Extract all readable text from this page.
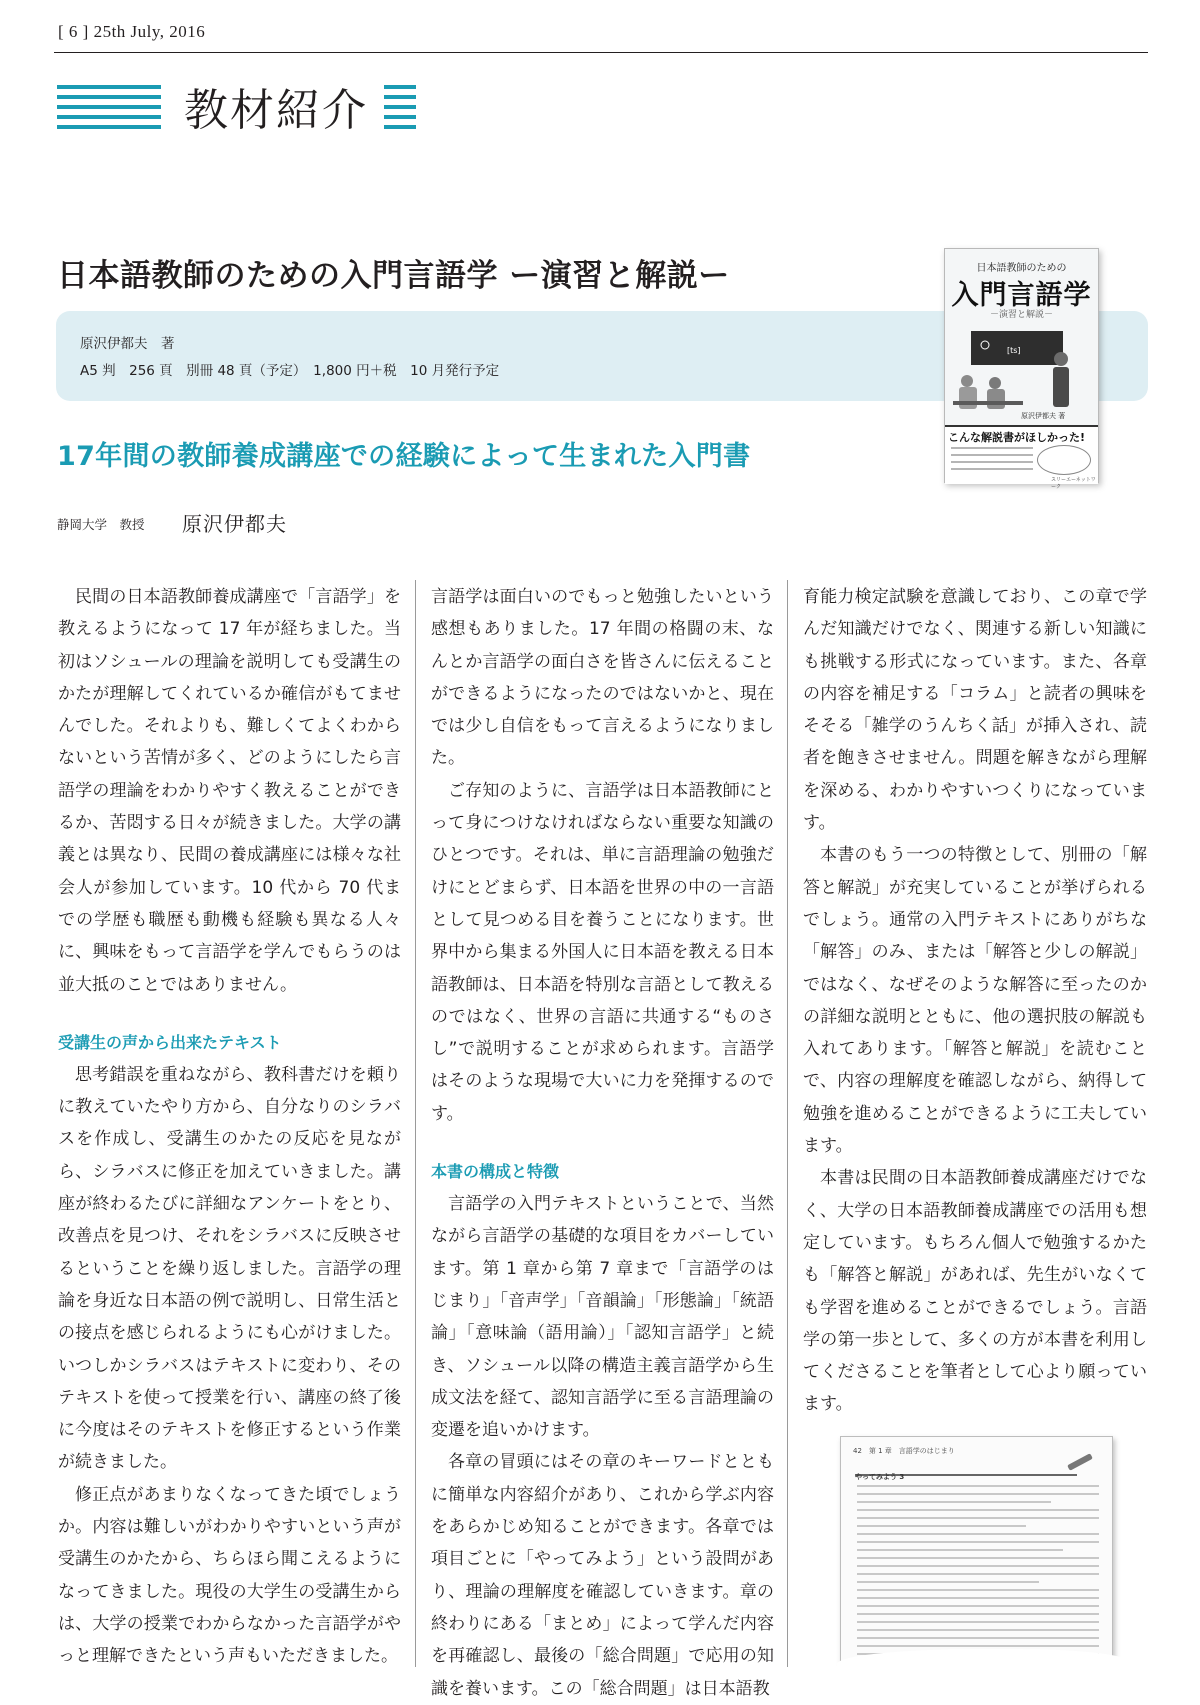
[ 6 ] 25th July, 2016
教材紹介
日本語教師のための入門言語学 ー演習と解説ー
原沢伊都夫　著
A5 判　256 頁　別冊 48 頁（予定）　1,800 円＋税　10 月発行予定
日本語教師のための
入門言語学
－演習と解説－
[ts]
原沢伊都夫 著
こんな解説書がほしかった!
スリーエーネットワーク
17年間の教師養成講座での経験によって生まれた入門書
静岡大学　教授 原沢伊都夫

民間の日本語教師養成講座で「言語学」を教えるようになって 17 年が経ちました。当初はソシュールの理論を説明しても受講生のかたが理解してくれているか確信がもてませんでした。それよりも、難しくてよくわからないという苦情が多く、どのようにしたら言語学の理論をわかりやすく教えることができるか、苦悶する日々が続きました。大学の講義とは異なり、民間の養成講座には様々な社会人が参加しています。10 代から 70 代までの学歴も職歴も動機も経験も異なる人々に、興味をもって言語学を学んでもらうのは並大抵のことではありません。

受講生の声から出来たテキスト

思考錯誤を重ねながら、教科書だけを頼りに教えていたやり方から、自分なりのシラバスを作成し、受講生のかたの反応を見ながら、シラバスに修正を加えていきました。講座が終わるたびに詳細なアンケートをとり、改善点を見つけ、それをシラバスに反映させるということを繰り返しました。言語学の理論を身近な日本語の例で説明し、日常生活との接点を感じられるようにも心がけました。いつしかシラバスはテキストに変わり、そのテキストを使って授業を行い、講座の終了後に今度はそのテキストを修正するという作業が続きました。

修正点があまりなくなってきた頃でしょうか。内容は難しいがわかりやすいという声が受講生のかたから、ちらほら聞こえるようになってきました。現役の大学生の受講生からは、大学の授業でわからなかった言語学がやっと理解できたという声もいただきました。

言語学は面白いのでもっと勉強したいという感想もありました。17 年間の格闘の末、なんとか言語学の面白さを皆さんに伝えることができるようになったのではないかと、現在では少し自信をもって言えるようになりました。

ご存知のように、言語学は日本語教師にとって身につけなければならない重要な知識のひとつです。それは、単に言語理論の勉強だけにとどまらず、日本語を世界の中の一言語として見つめる目を養うことになります。世界中から集まる外国人に日本語を教える日本語教師は、日本語を特別な言語として教えるのではなく、世界の言語に共通する“ものさし”で説明することが求められます。言語学はそのような現場で大いに力を発揮するのです。

本書の構成と特徴

言語学の入門テキストということで、当然ながら言語学の基礎的な項目をカバーしています。第 1 章から第 7 章まで「言語学のはじまり」「音声学」「音韻論」「形態論」「統語論」「意味論（語用論）」「認知言語学」と続き、ソシュール以降の構造主義言語学から生成文法を経て、認知言語学に至る言語理論の変遷を追いかけます。

各章の冒頭にはその章のキーワードとともに簡単な内容紹介があり、これから学ぶ内容をあらかじめ知ることができます。各章では項目ごとに「やってみよう」という設問があり、理論の理解度を確認していきます。章の終わりにある「まとめ」によって学んだ内容を再確認し、最後の「総合問題」で応用の知識を養います。この「総合問題」は日本語教

育能力検定試験を意識しており、この章で学んだ知識だけでなく、関連する新しい知識にも挑戦する形式になっています。また、各章の内容を補足する「コラム」と読者の興味をそそる「雑学のうんちく話」が挿入され、読者を飽きさせません。問題を解きながら理解を深める、わかりやすいつくりになっています。

本書のもう一つの特徴として、別冊の「解答と解説」が充実していることが挙げられるでしょう。通常の入門テキストにありがちな「解答」のみ、または「解答と少しの解説」ではなく、なぜそのような解答に至ったのかの詳細な説明とともに、他の選択肢の解説も入れてあります。「解答と解説」を読むことで、内容の理解度を確認しながら、納得して勉強を進めることができるように工夫しています。

本書は民間の日本語教師養成講座だけでなく、大学の日本語教師養成講座での活用も想定しています。もちろん個人で勉強するかたも「解答と解説」があれば、先生がいなくても学習を進めることができるでしょう。言語学の第一歩として、多くの方が本書を利用してくださることを筆者として心より願っています。

42　第 1 章　言語学のはじまり
やってみよう 3
